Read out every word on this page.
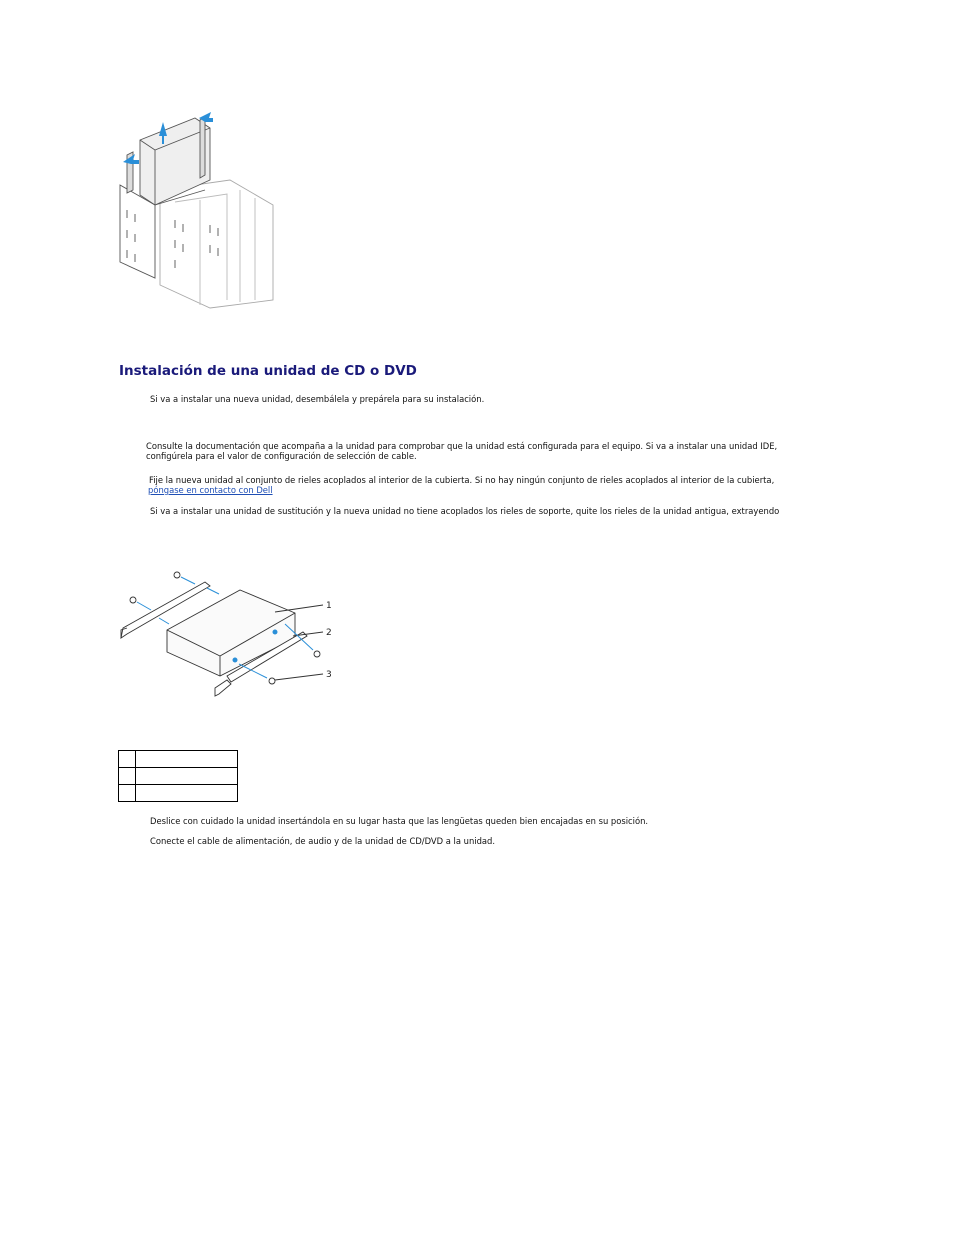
Instalación de una unidad de CD o DVD
Si va a instalar una nueva unidad, desembálela y prepárela para su instalación.
Consulte la documentación que acompaña a la unidad para comprobar que la unidad está configurada para el equipo. Si va a instalar una unidad IDE,
configúrela para el valor de configuración de selección de cable.
Fije la nueva unidad al conjunto de rieles acoplados al interior de la cubierta. Si no hay ningún conjunto de rieles acoplados al interior de la cubierta,
póngase en contacto con Dell
Si va a instalar una unidad de sustitución y la nueva unidad no tiene acoplados los rieles de soporte, quite los rieles de la unidad antigua, extrayendo
1
2
3

Deslice con cuidado la unidad insertándola en su lugar hasta que las lengüetas queden bien encajadas en su posición.
Conecte el cable de alimentación, de audio y de la unidad de CD/DVD a la unidad.
